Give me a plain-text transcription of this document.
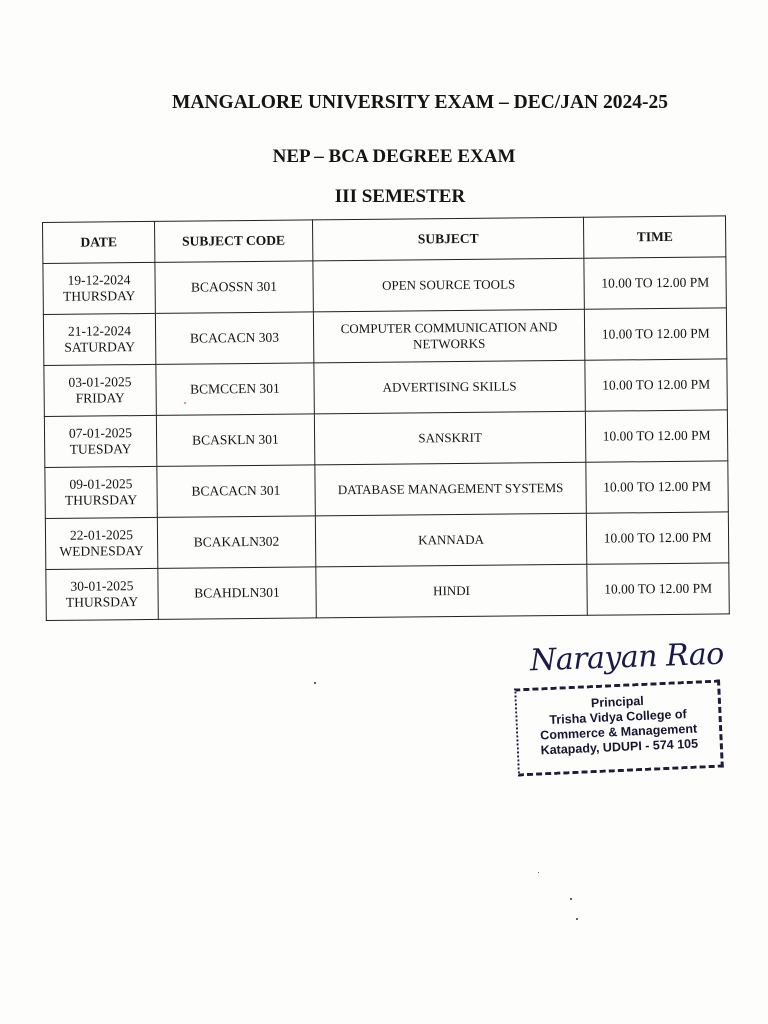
MANGALORE UNIVERSITY EXAM – DEC/JAN 2024-25
NEP – BCA DEGREE EXAM
III SEMESTER
DATE	SUBJECT CODE	SUBJECT	TIME

19-12-2024
THURSDAY	BCAOSSN 301	OPEN SOURCE TOOLS	10.00 TO 12.00 PM

21-12-2024
SATURDAY	BCACACN 303	COMPUTER COMMUNICATION AND NETWORKS	10.00 TO 12.00 PM

03-01-2025
FRIDAY	BCMCCEN 301	ADVERTISING SKILLS	10.00 TO 12.00 PM

07-01-2025
TUESDAY	BCASKLN 301	SANSKRIT	10.00 TO 12.00 PM

09-01-2025
THURSDAY	BCACACN 301	DATABASE MANAGEMENT SYSTEMS	10.00 TO 12.00 PM

22-01-2025
WEDNESDAY	BCAKALN302	KANNADA	10.00 TO 12.00 PM

30-01-2025
THURSDAY	BCAHDLN301	HINDI	10.00 TO 12.00 PM
Narayan Rao
Principal
Trisha Vidya College of
Commerce & Management
Katapady, UDUPI - 574 105
